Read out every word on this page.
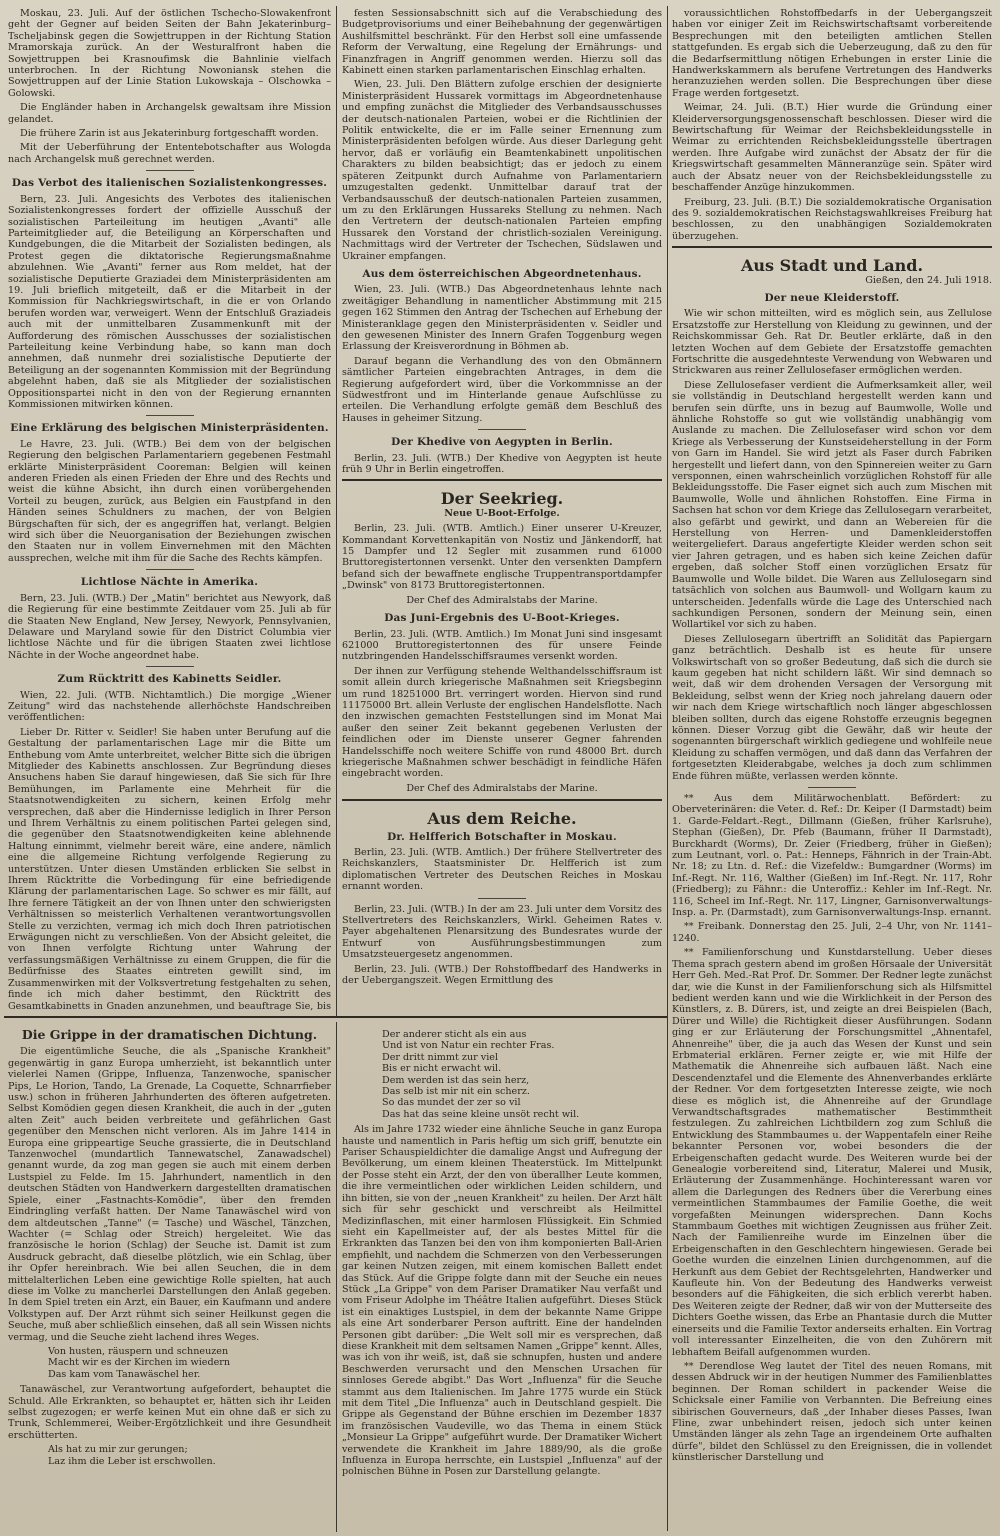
Moskau, 23. Juli. Auf der östlichen Tschecho-Slowakenfront geht der Gegner auf beiden Seiten der Bahn Jekaterinburg–Tscheljabinsk gegen die Sowjettruppen in der Richtung Station Mramorskaja zurück. An der Westuralfront haben die Sowjettruppen bei Krasnoufimsk die Bahnlinie vielfach unterbrochen. In der Richtung Nowoniansk stehen die Sowjettruppen auf der Linie Station Lukowskaja – Olschowka – Golowski.

Die Engländer haben in Archangelsk gewaltsam ihre Mission gelandet.

Die frühere Zarin ist aus Jekaterinburg fortgeschafft worden.

Mit der Ueberführung der Ententebotschafter aus Wologda nach Archangelsk muß gerechnet werden.

Das Verbot des italienischen Sozialistenkongresses.

Bern, 23. Juli. Angesichts des Verbotes des italienischen Sozialistenkongresses fordert der offizielle Ausschuß der sozialistischen Parteileitung im heutigen „Avanti" alle Parteimitglieder auf, die Beteiligung an Körperschaften und Kundgebungen, die die Mitarbeit der Sozialisten bedingen, als Protest gegen die diktatorische Regierungsmaßnahme abzulehnen. Wie „Avanti" ferner aus Rom meldet, hat der sozialistische Deputierte Graziadei dem Ministerpräsidenten am 19. Juli brieflich mitgeteilt, daß er die Mitarbeit in der Kommission für Nachkriegswirtschaft, in die er von Orlando berufen worden war, verweigert. Wenn der Entschluß Graziadeis auch mit der unmittelbaren Zusammenkunft mit der Aufforderung des römischen Ausschusses der sozialistischen Parteileitung keine Verbindung habe, so kann man doch annehmen, daß nunmehr drei sozialistische Deputierte der Beteiligung an der sogenannten Kommission mit der Begründung abgelehnt haben, daß sie als Mitglieder der sozialistischen Oppositionspartei nicht in den von der Regierung ernannten Kommissionen mitwirken können.

Eine Erklärung des belgischen Ministerpräsidenten.

Le Havre, 23. Juli. (WTB.) Bei dem von der belgischen Regierung den belgischen Parlamentariern gegebenen Festmahl erklärte Ministerpräsident Cooreman: Belgien will keinen anderen Frieden als einen Frieden der Ehre und des Rechts und weist die kühne Absicht, ihn durch einen vorübergehenden Vorteil zu beugen, zurück, aus Belgien ein Faustpfand in den Händen seines Schuldners zu machen, der von Belgien Bürgschaften für sich, der es angegriffen hat, verlangt. Belgien wird sich über die Neuorganisation der Beziehungen zwischen den Staaten nur in vollem Einvernehmen mit den Mächten aussprechen, welche mit ihm für die Sache des Rechts kämpfen.

Lichtlose Nächte in Amerika.

Bern, 23. Juli. (WTB.) Der „Matin" berichtet aus Newyork, daß die Regierung für eine bestimmte Zeitdauer vom 25. Juli ab für die Staaten New England, New Jersey, Newyork, Pennsylvanien, Delaware und Maryland sowie für den District Columbia vier lichtlose Nächte und für die übrigen Staaten zwei lichtlose Nächte in der Woche angeordnet habe.

Zum Rücktritt des Kabinetts Seidler.

Wien, 22. Juli. (WTB. Nichtamtlich.) Die morgige „Wiener Zeitung" wird das nachstehende allerhöchste Handschreiben veröffentlichen:

Lieber Dr. Ritter v. Seidler! Sie haben unter Berufung auf die Gestaltung der parlamentarischen Lage mir die Bitte um Enthebung vom Amte unterbreitet, welcher Bitte sich die übrigen Mitglieder des Kabinetts anschlossen. Zur Begründung dieses Ansuchens haben Sie darauf hingewiesen, daß Sie sich für Ihre Bemühungen, im Parlamente eine Mehrheit für die Staatsnotwendigkeiten zu sichern, keinen Erfolg mehr versprechen, daß aber die Hindernisse lediglich in Ihrer Person und Ihrem Verhältnis zu einem politischen Partei gelegen sind, die gegenüber den Staatsnotwendigkeiten keine ablehnende Haltung einnimmt, vielmehr bereit wäre, eine andere, nämlich eine die allgemeine Richtung verfolgende Regierung zu unterstützen. Unter diesen Umständen erblicken Sie selbst in Ihrem Rücktritte die Vorbedingung für eine befriedigende Klärung der parlamentarischen Lage. So schwer es mir fällt, auf Ihre fernere Tätigkeit an der von Ihnen unter den schwierigsten Verhältnissen so meisterlich Verhaltenen verantwortungsvollen Stelle zu verzichten, vermag ich mich doch Ihren patriotischen Erwägungen nicht zu verschließen. Von der Absicht geleitet, die von Ihnen verfolgte Richtung unter Wahrung der verfassungsmäßigen Verhältnisse zu einem Gruppen, die für die Bedürfnisse des Staates eintreten gewillt sind, im Zusammenwirken mit der Volksvertretung festgehalten zu sehen, finde ich mich daher bestimmt, den Rücktritt des Gesamtkabinetts in Gnaden anzunehmen, und beauftrage Sie, bis

festen Sessionsabschnitt sich auf die Verabschiedung des Budgetprovisoriums und einer Beihebahnung der gegenwärtigen Aushilfsmittel beschränkt. Für den Herbst soll eine umfassende Reform der Verwaltung, eine Regelung der Ernährungs- und Finanzfragen in Angriff genommen werden. Hierzu soll das Kabinett einen starken parlamentarischen Einschlag erhalten.

Wien, 23. Juli. Den Blättern zufolge erschien der designierte Ministerpräsident Hussarek vormittags im Abgeordnetenhause und empfing zunächst die Mitglieder des Verbandsausschusses der deutsch-nationalen Parteien, wobei er die Richtlinien der Politik entwickelte, die er im Falle seiner Ernennung zum Ministerpräsidenten befolgen würde. Aus dieser Darlegung geht hervor, daß er vorläufig ein Beamtenkabinett unpolitischen Charakters zu bilden beabsichtigt; das er jedoch zu einem späteren Zeitpunkt durch Aufnahme von Parlamentariern umzugestalten gedenkt. Unmittelbar darauf trat der Verbandsausschuß der deutsch-nationalen Parteien zusammen, um zu den Erklärungen Hussareks Stellung zu nehmen. Nach den Vertretern der deutsch-nationalen Parteien empfing Hussarek den Vorstand der christlich-sozialen Vereinigung. Nachmittags wird der Vertreter der Tschechen, Südslawen und Ukrainer empfangen.

Aus dem österreichischen Abgeordnetenhaus.

Wien, 23. Juli. (WTB.) Das Abgeordnetenhaus lehnte nach zweitägiger Behandlung in namentlicher Abstimmung mit 215 gegen 162 Stimmen den Antrag der Tschechen auf Erhebung der Ministeranklage gegen den Ministerpräsidenten v. Seidler und den gewesenen Minister des Innern Grafen Toggenburg wegen Erlassung der Kreisverordnung in Böhmen ab.

Darauf begann die Verhandlung des von den Obmännern sämtlicher Parteien eingebrachten Antrages, in dem die Regierung aufgefordert wird, über die Vorkommnisse an der Südwestfront und im Hinterlande genaue Aufschlüsse zu erteilen. Die Verhandlung erfolgte gemäß dem Beschluß des Hauses in geheimer Sitzung.

Der Khedive von Aegypten in Berlin.

Berlin, 23. Juli. (WTB.) Der Khedive von Aegypten ist heute früh 9 Uhr in Berlin eingetroffen.

Der Seekrieg.
Neue U-Boot-Erfolge.

Berlin, 23. Juli. (WTB. Amtlich.) Einer unserer U-Kreuzer, Kommandant Korvettenkapitän von Nostiz und Jänkendorff, hat 15 Dampfer und 12 Segler mit zusammen rund 61000 Bruttoregistertonnen versenkt. Unter den versenkten Dampfern befand sich der bewaffnete englische Truppentransportdampfer „Dwinsk" von 8173 Bruttoregistertonnen.

Der Chef des Admiralstabs der Marine.
Das Juni-Ergebnis des U-Boot-Krieges.

Berlin, 23. Juli. (WTB. Amtlich.) Im Monat Juni sind insgesamt 621000 Bruttoregistertonnen des für unsere Feinde nutzbringenden Handelsschiffsraumes versenkt worden.

Der ihnen zur Verfügung stehende Welthandelsschiffsraum ist somit allein durch kriegerische Maßnahmen seit Kriegsbeginn um rund 18251000 Brt. verringert worden. Hiervon sind rund 11175000 Brt. allein Verluste der englischen Handelsflotte. Nach den inzwischen gemachten Feststellungen sind im Monat Mai außer den seiner Zeit bekannt gegebenen Verlusten der feindlichen oder im Dienste unserer Gegner fahrenden Handelsschiffe noch weitere Schiffe von rund 48000 Brt. durch kriegerische Maßnahmen schwer beschädigt in feindliche Häfen eingebracht worden.

Der Chef des Admiralstabs der Marine.
Aus dem Reiche.
Dr. Helfferich Botschafter in Moskau.

Berlin, 23. Juli. (WTB. Amtlich.) Der frühere Stellvertreter des Reichskanzlers, Staatsminister Dr. Helfferich ist zum diplomatischen Vertreter des Deutschen Reiches in Moskau ernannt worden.

Berlin, 23. Juli. (WTB.) In der am 23. Juli unter dem Vorsitz des Stellvertreters des Reichskanzlers, Wirkl. Geheimen Rates v. Payer abgehaltenen Plenarsitzung des Bundesrates wurde der Entwurf von Ausführungsbestimmungen zum Umsatzsteuergesetz angenommen.

Berlin, 23. Juli. (WTB.) Der Rohstoffbedarf des Handwerks in der Uebergangszeit. Wegen Ermittlung des

voraussichtlichen Rohstoffbedarfs in der Uebergangszeit haben vor einiger Zeit im Reichswirtschaftsamt vorbereitende Besprechungen mit den beteiligten amtlichen Stellen stattgefunden. Es ergab sich die Ueberzeugung, daß zu den für die Bedarfsermittlung nötigen Erhebungen in erster Linie die Handwerkskammern als berufene Vertretungen des Handwerks heranzuziehen werden sollen. Die Besprechungen über diese Frage werden fortgesetzt.

Weimar, 24. Juli. (B.T.) Hier wurde die Gründung einer Kleiderversorgungsgenossenschaft beschlossen. Dieser wird die Bewirtschaftung für Weimar der Reichsbekleidungsstelle in Weimar zu errichtenden Reichsbekleidungsstelle übertragen werden. Ihre Aufgabe wird zunächst der Absatz der für die Kriegswirtschaft gesammelten Männeranzüge sein. Später wird auch der Absatz neuer von der Reichsbekleidungsstelle zu beschaffender Anzüge hinzukommen.

Freiburg, 23. Juli. (B.T.) Die sozialdemokratische Organisation des 9. sozialdemokratischen Reichstagswahlkreises Freiburg hat beschlossen, zu den unabhängigen Sozialdemokraten überzugehen.

Aus Stadt und Land.

Gießen, den 24. Juli 1918.

Der neue Kleiderstoff.

Wie wir schon mitteilten, wird es möglich sein, aus Zellulose Ersatzstoffe zur Herstellung von Kleidung zu gewinnen, und der Reichskommissar Geh. Rat Dr. Beutler erklärte, daß in den letzten Wochen auf dem Gebiete der Ersatzstoffe gemachten Fortschritte die ausgedehnteste Verwendung von Webwaren und Strickwaren aus reiner Zellulosefaser ermöglichen werden.

Diese Zellulosefaser verdient die Aufmerksamkeit aller, weil sie vollständig in Deutschland hergestellt werden kann und berufen sein dürfte, uns in bezug auf Baumwolle, Wolle und ähnliche Rohstoffe so gut wie vollständig unabhängig vom Auslande zu machen. Die Zellulosefaser wird schon vor dem Kriege als Verbesserung der Kunstseideherstellung in der Form von Garn im Handel. Sie wird jetzt als Faser durch Fabriken hergestellt und liefert dann, von den Spinnereien weiter zu Garn versponnen, einen wahrscheinlich vorzüglichen Rohstoff für alle Bekleidungsstoffe. Die Faser eignet sich auch zum Mischen mit Baumwolle, Wolle und ähnlichen Rohstoffen. Eine Firma in Sachsen hat schon vor dem Kriege das Zellulosegarn verarbeitet, also gefärbt und gewirkt, und dann an Webereien für die Herstellung von Herren- und Damenkleiderstoffen weitergeliefert. Daraus angefertigte Kleider werden schon seit vier Jahren getragen, und es haben sich keine Zeichen dafür ergeben, daß solcher Stoff einen vorzüglichen Ersatz für Baumwolle und Wolle bildet. Die Waren aus Zellulosegarn sind tatsächlich von solchen aus Baumwoll- und Wollgarn kaum zu unterscheiden. Jedenfalls würde die Lage des Unterschied nach sachkundigen Personen, sondern der Meinung sein, einen Wollartikel vor sich zu haben.

Dieses Zellulosegarn übertrifft an Solidität das Papiergarn ganz beträchtlich. Deshalb ist es heute für unsere Volkswirtschaft von so großer Bedeutung, daß sich die durch sie kaum gegeben hat nicht schildern läßt. Wir sind demnach so weit, daß wir dem drohenden Versagen der Versorgung mit Bekleidung, selbst wenn der Krieg noch jahrelang dauern oder wir nach dem Kriege wirtschaftlich noch länger abgeschlossen bleiben sollten, durch das eigene Rohstoffe erzeugnis begegnen können. Dieser Vorzug gibt die Gewähr, daß wir heute der sogenannten bürgerschaft wirklich gediegene und wohlfeile neue Kleidung zu schaffen vermögen, und daß dann das Verfahren der fortgesetzten Kleiderabgabe, welches ja doch zum schlimmen Ende führen müßte, verlassen werden könnte.

** Aus dem Militärwochenblatt. Befördert: zu Oberveterinären: die Veter. d. Ref.: Dr. Keiper (I Darmstadt) beim 1. Garde-Feldart.-Regt., Dillmann (Gießen, früher Karlsruhe), Stephan (Gießen), Dr. Pfeb (Baumann, früher II Darmstadt), Burckhardt (Worms), Dr. Zeier (Friedberg, früher in Gießen); zum Leutnant, vorl. o. Pat.: Henneps, Fähnrich in der Train-Abt. Nr. 18; zu Ltn. d. Ref.: die Vizefeldw.: Bumgardner (Worms) im Inf.-Regt. Nr. 116, Walther (Gießen) im Inf.-Regt. Nr. 117, Rohr (Friedberg); zu Fähnr.: die Unteroffiz.: Kehler im Inf.-Regt. Nr. 116, Scheel im Inf.-Regt. Nr. 117, Lingner, Garnisonverwaltungs-Insp. a. Pr. (Darmstadt), zum Garnisonverwaltungs-Insp. ernannt.

** Freibank. Donnerstag den 25. Juli, 2–4 Uhr, von Nr. 1141–1240.

** Familienforschung und Kunstdarstellung. Ueber dieses Thema sprach gestern abend im großen Hörsaale der Universität Herr Geh. Med.-Rat Prof. Dr. Sommer. Der Redner legte zunächst dar, wie die Kunst in der Familienforschung sich als Hilfsmittel bedient werden kann und wie die Wirklichkeit in der Person des Künstlers, z. B. Dürers, ist, und zeigte an drei Beispielen (Bach, Dürer und Wille) die Richtigkeit dieser Ausführungen. Sodann ging er zur Erläuterung der Forschungsmittel „Ahnentafel, Ahnenreihe" über, die ja auch das Wesen der Kunst und sein Erbmaterial erklären. Ferner zeigte er, wie mit Hilfe der Mathematik die Ahnenreihe sich aufbauen läßt. Nach eine Descendenztafel und die Elemente des Ahnenverbandes erklärte der Redner. Vor dem fortgesetzten Interesse zeigte, wie noch diese es möglich ist, die Ahnenreihe auf der Grundlage Verwandtschaftsgrades mathematischer Bestimmtheit festzulegen. Zu zahlreichen Lichtbildern zog zum Schluß die Entwicklung des Stammbaumes u. der Wappentafeln einer Reihe bekannter Personen vor, wobei besonders die der Erbeigenschaften gedacht wurde. Des Weiteren wurde bei der Genealogie vorbereitend sind, Literatur, Malerei und Musik, Erläuterung der Zusammenhänge. Hochinteressant waren vor allem die Darlegungen des Redners über die Vererbung eines vermeintlichen Stammbaumes der Familie Goethe, die weit vorgefaßten Meinungen widersprechen. Dann Kochs Stammbaum Goethes mit wichtigen Zeugnissen aus früher Zeit. Nach der Familienreihe wurde im Einzelnen über die Erbeigenschaften in den Geschlechtern hingewiesen. Gerade bei Goethe wurden die einzelnen Linien durchgenommen, auf die Herkunft aus dem Gebiet der Rechtsgelehrten, Handwerker und Kaufleute hin. Von der Bedeutung des Handwerks verweist besonders auf die Fähigkeiten, die sich erblich vererbt haben. Des Weiteren zeigte der Redner, daß wir von der Mutterseite des Dichters Goethe wissen, das Erbe an Phantasie durch die Mutter einerseits und die Familie Textor anderseits erhalten. Ein Vortrag voll interessanter Einzelheiten, die von den Zuhörern mit lebhaftem Beifall aufgenommen wurden.

** Derendlose Weg lautet der Titel des neuen Romans, mit dessen Abdruck wir in der heutigen Nummer des Familienblattes beginnen. Der Roman schildert in packender Weise die Schicksale einer Familie von Verbannten. Die Befreiung eines sibirischen Gouverneurs, daß „der Inhaber dieses Passes, Iwan Fline, zwar unbehindert reisen, jedoch sich unter keinen Umständen länger als zehn Tage an irgendeinem Orte aufhalten dürfe", bildet den Schlüssel zu den Ereignissen, die in vollendet künstlerischer Darstellung und

Die Grippe in der dramatischen Dichtung.

Die eigentümliche Seuche, die als „Spanische Krankheit" gegenwärtig in ganz Europa umherzieht, ist bekanntlich unter vielerlei Namen (Grippe, Influenza, Tanzenwoche, spanischer Pips, Le Horion, Tando, La Grenade, La Coquette, Schnarrfieber usw.) schon in früheren Jahrhunderten des öfteren aufgetreten. Selbst Komödien gegen diesen Krankheit, die auch in der „guten alten Zeit" auch beiden verbreitete und gefährlichen Gast gegenüber den Menschen nicht verloren. Als im Jahre 1414 in Europa eine grippeartige Seuche grassierte, die in Deutschland Tanzenwochel (mundartlich Tannewatschel, Zanawadschel) genannt wurde, da zog man gegen sie auch mit einem derben Lustspiel zu Felde. Im 15. Jahrhundert, namentlich in den deutschen Städten von Handwerkern dargestellten dramatischen Spiele, einer „Fastnachts-Komödie", über den fremden Eindringling verfaßt hatten. Der Name Tanawäschel wird von dem altdeutschen „Tanne" (= Tasche) und Wäschel, Tänzchen, Wachter (= Schlag oder Streich) hergeleitet. Wie das französische le horion (Schlag) der Seuche ist. Damit ist zum Ausdruck gebracht, daß dieselbe plötzlich, wie ein Schlag, über ihr Opfer hereinbrach. Wie bei allen Seuchen, die in dem mittelalterlichen Leben eine gewichtige Rolle spielten, hat auch diese im Volke zu mancherlei Darstellungen den Anlaß gegeben. In dem Spiel treten ein Arzt, ein Bauer, ein Kaufmann und andere Volkstypen auf. Der Arzt rühmt sich seiner Heilkunst gegen die Seuche, muß aber schließlich einsehen, daß all sein Wissen nichts vermag, und die Seuche zieht lachend ihres Weges.

Von husten, räuspern und schneuzen
Macht wir es der Kirchen im wiedern
Das kam vom Tanawäschel her.

Tanawäschel, zur Verantwortung aufgefordert, behauptet die Schuld. Alle Erkrankten, so behauptet er, hätten sich ihr Leiden selbst zugezogen; er werfe keinen Mut ein ohne daß er sich zu Trunk, Schlemmerei, Weiber-Ergötzlichkeit und ihre Gesundheit erschütterten.

Als hat zu mir zur gerungen;
Laz ihm die Leber ist erschwollen.

Der anderer sticht als ein aus
Und ist von Natur ein rechter Fras.
Der dritt nimmt zur viel
Bis er nicht erwacht wil.
Dem werden ist das sein herz,
Das selb ist mir nit ein scherz.
So das mundet der zer so vil
Das hat das seine kleine unsöt recht wil.

Als im Jahre 1732 wieder eine ähnliche Seuche in ganz Europa hauste und namentlich in Paris heftig um sich griff, benutzte ein Pariser Schauspieldichter die damalige Angst und Aufregung der Bevölkerung, um einem kleinen Theaterstück. Im Mittelpunkt der Posse steht ein Arzt, der den von überallher Leute kommen, die ihre vermeintlichen oder wirklichen Leiden schildern, und ihn bitten, sie von der „neuen Krankheit" zu heilen. Der Arzt hält sich für sehr geschickt und verschreibt als Heilmittel Medizinflaschen, mit einer harmlosen Flüssigkeit. Ein Schmied sieht ein Kapellmeister auf, der als bestes Mittel für die Erkrankten das Tanzen bei den von ihm komponierten Ball-Arien empfiehlt, und nachdem die Schmerzen von den Verbesserungen gar keinen Nutzen zeigen, mit einem komischen Ballett endet das Stück. Auf die Grippe folgte dann mit der Seuche ein neues Stück „La Grippe" von dem Pariser Dramatiker Nau verfaßt und vom Friseur Adolphe im Théâtre Italien aufgeführt. Dieses Stück ist ein einaktiges Lustspiel, in dem der bekannte Name Grippe als eine Art sonderbarer Person auftritt. Eine der handelnden Personen gibt darüber: „Die Welt soll mir es versprechen, daß diese Krankheit mit dem seltsamen Namen „Grippe" kennt. Alles, was ich von ihr weiß, ist, daß sie schnupfen, husten und andere Beschwerden verursacht und den Menschen Ursachen für sinnloses Gerede abgibt." Das Wort „Influenza" für die Seuche stammt aus dem Italienischen. Im Jahre 1775 wurde ein Stück mit dem Titel „Die Influenza" auch in Deutschland gespielt. Die Grippe als Gegenstand der Bühne erschien im Dezember 1837 im französischen Vaudeville, wo das Thema in einem Stück „Monsieur La Grippe" aufgeführt wurde. Der Dramatiker Wichert verwendete die Krankheit im Jahre 1889/90, als die große Influenza in Europa herrschte, ein Lustspiel „Influenza" auf der polnischen Bühne in Posen zur Darstellung gelangte.
